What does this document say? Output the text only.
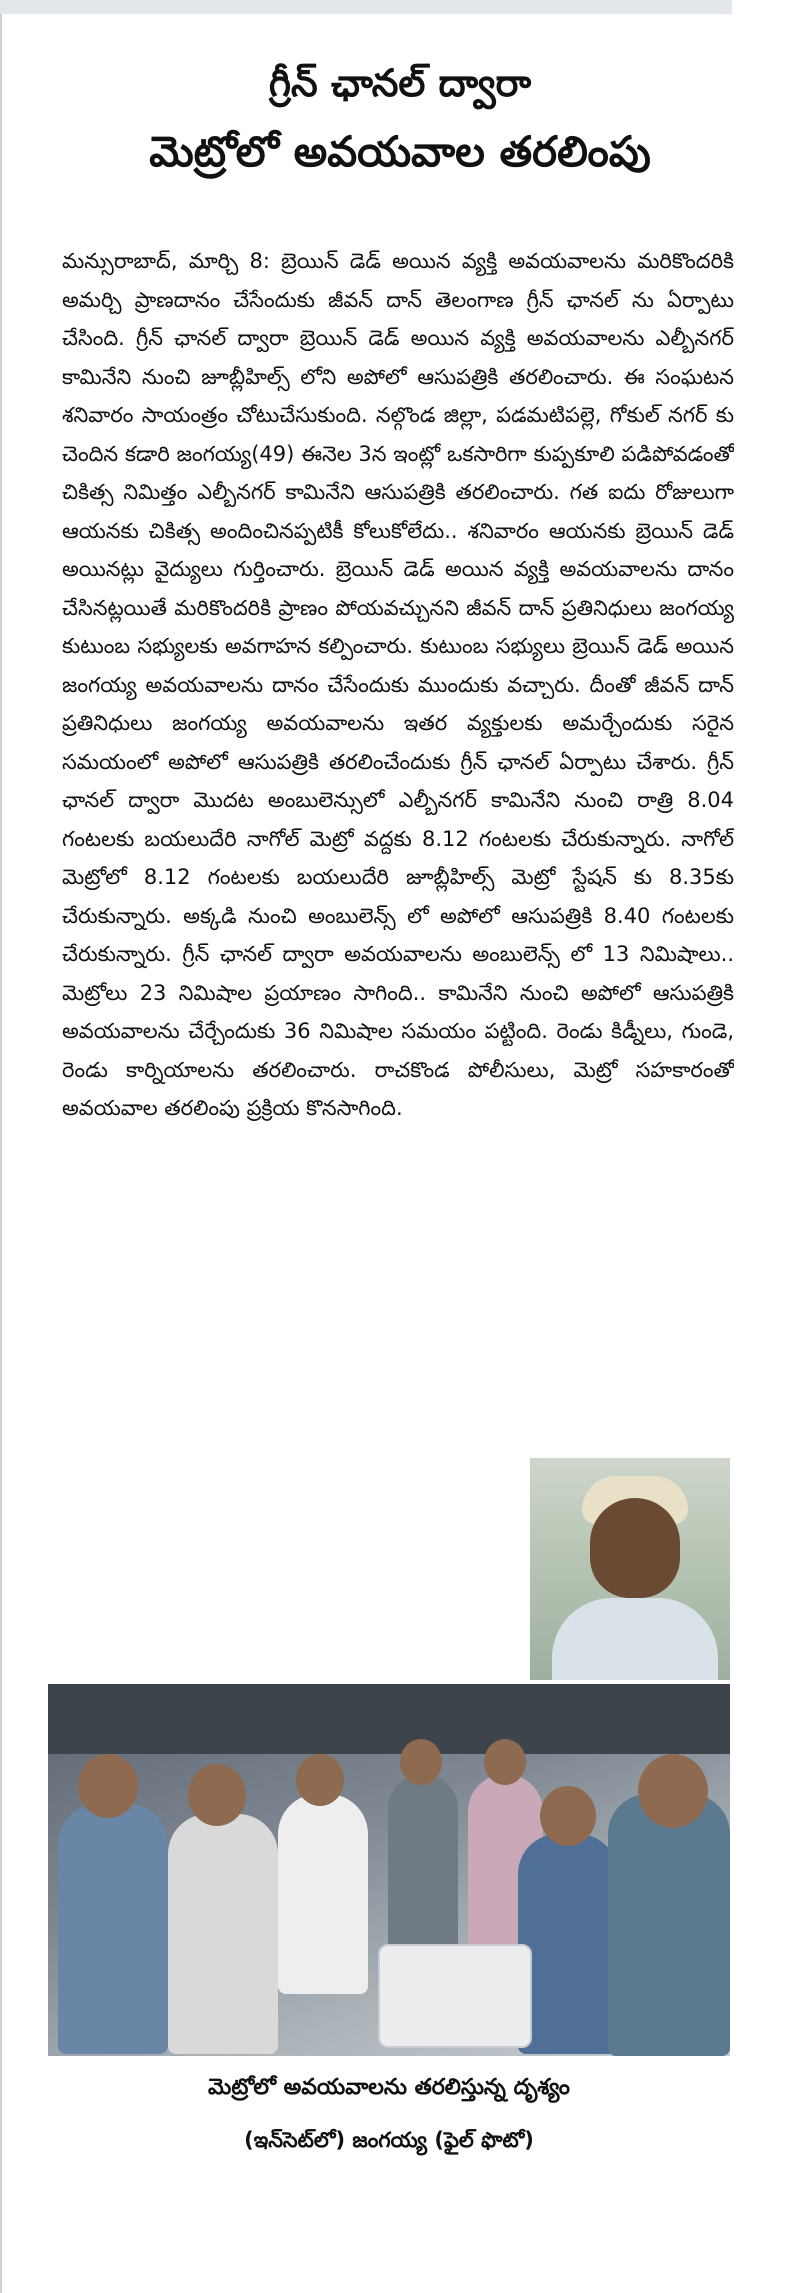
గ్రీన్ ఛానల్ ద్వారా
మెట్రోలో అవయవాల తరలింపు
మన్సురాబాద్, మార్చి 8: బ్రెయిన్ డెడ్ అయిన వ్యక్తి అవయవాలను మరికొందరికి అమర్చి ప్రాణదానం చేసేందుకు జీవన్ దాన్ తెలంగాణ గ్రీన్ ఛానల్ ను ఏర్పాటు చేసింది. గ్రీన్ ఛానల్ ద్వారా బ్రెయిన్ డెడ్ అయిన వ్యక్తి అవయవాలను ఎల్బీనగర్ కామినేని నుంచి జూబ్లీహిల్స్ లోని అపోలో ఆసుపత్రికి తరలించారు. ఈ సంఘటన శనివారం సాయంత్రం చోటుచేసుకుంది. నల్గొండ జిల్లా, పడమటిపల్లె, గోకుల్ నగర్ కు చెందిన కడారి జంగయ్య(49) ఈనెల 3న ఇంట్లో ఒకసారిగా కుప్పకూలి పడిపోవడంతో చికిత్స నిమిత్తం ఎల్బీనగర్ కామినేని ఆసుపత్రికి తరలించారు. గత ఐదు రోజులుగా ఆయనకు చికిత్స అందించినప్పటికీ కోలుకోలేదు.. శనివారం ఆయనకు బ్రెయిన్ డెడ్ అయినట్లు వైద్యులు గుర్తించారు. బ్రెయిన్ డెడ్ అయిన వ్యక్తి అవయవాలను దానం చేసినట్లయితే మరికొందరికి ప్రాణం పోయవచ్చునని జీవన్ దాన్ ప్రతినిధులు జంగయ్య కుటుంబ సభ్యులకు అవగాహన కల్పించారు. కుటుంబ సభ్యులు బ్రెయిన్ డెడ్ అయిన జంగయ్య అవయవాలను దానం చేసేందుకు ముందుకు వచ్చారు. దీంతో జీవన్ దాన్ ప్రతినిధులు జంగయ్య అవయవాలను ఇతర వ్యక్తులకు అమర్చేందుకు సరైన సమయంలో అపోలో ఆసుపత్రికి తరలించేందుకు గ్రీన్ ఛానల్ ఏర్పాటు చేశారు. గ్రీన్ ఛానల్ ద్వారా మొదట అంబులెన్సులో ఎల్బీనగర్ కామినేని నుంచి రాత్రి 8.04 గంటలకు బయలుదేరి నాగోల్ మెట్రో వద్దకు 8.12 గంటలకు చేరుకున్నారు. నాగోల్ మెట్రోలో 8.12 గంటలకు బయలుదేరి జూబ్లీహిల్స్ మెట్రో స్టేషన్ కు 8.35కు చేరుకున్నారు. అక్కడి నుంచి అంబులెన్స్ లో అపోలో ఆసుపత్రికి 8.40 గంటలకు చేరుకున్నారు. గ్రీన్ ఛానల్ ద్వారా అవయవాలను అంబులెన్స్ లో 13 నిమిషాలు.. మెట్రోలు 23 నిమిషాల ప్రయాణం సాగింది.. కామినేని నుంచి అపోలో ఆసుపత్రికి అవయవాలను చేర్చేందుకు 36 నిమిషాల సమయం పట్టింది. రెండు కిడ్నీలు, గుండె, రెండు కార్నియాలను తరలించారు. రాచకొండ పోలీసులు, మెట్రో సహకారంతో అవయవాల తరలింపు ప్రక్రియ కొనసాగింది.

మెట్రోలో అవయవాలను తరలిస్తున్న దృశ్యం

(ఇన్‌సెట్‌లో) జంగయ్య (ఫైల్ ఫొటో)
